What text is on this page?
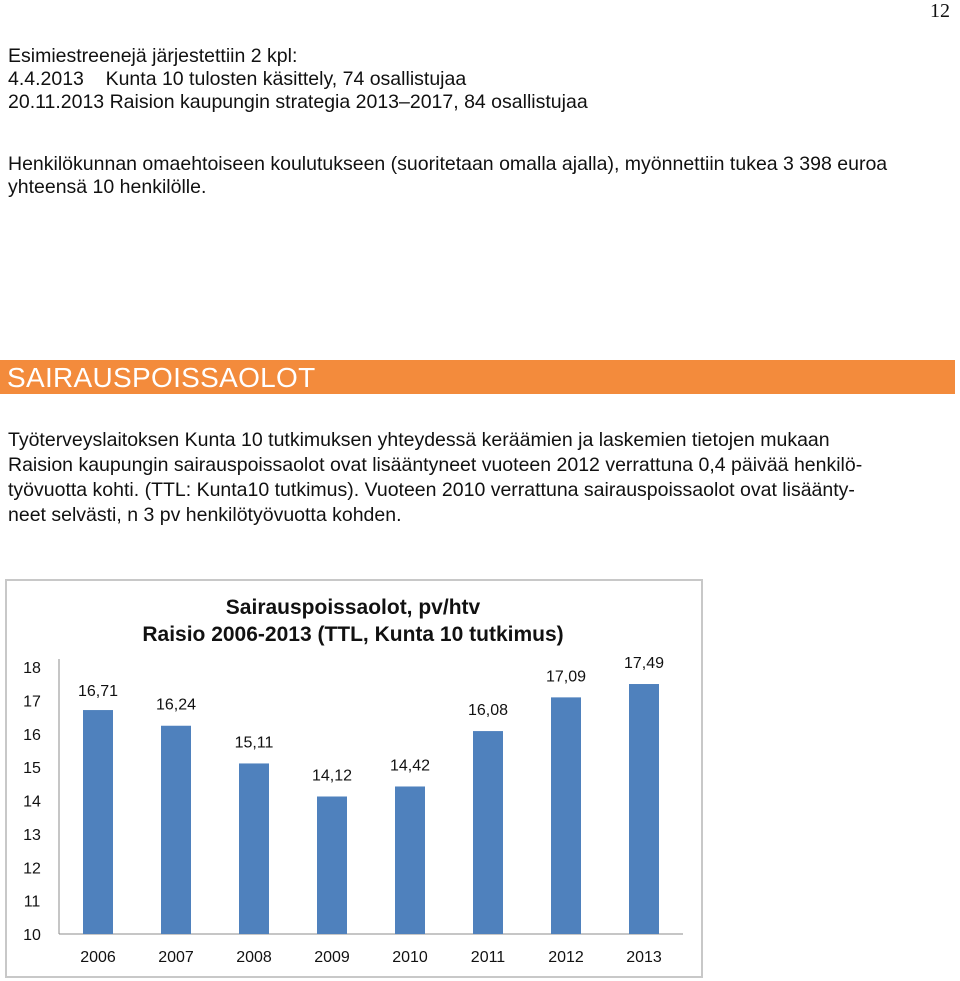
12
Esimiestreenejä järjestettiin 2 kpl:
4.4.2013    Kunta 10 tulosten käsittely, 74 osallistujaa
20.11.2013 Raision kaupungin strategia 2013–2017, 84 osallistujaa
Henkilökunnan omaehtoiseen koulutukseen (suoritetaan omalla ajalla), myönnettiin tukea 3 398 euroa yhteensä 10 henkilölle.
SAIRAUSPOISSAOLOT
Työterveyslaitoksen Kunta 10 tutkimuksen yhteydessä keräämien ja laskemien tietojen mukaan
Raision kaupungin sairauspoissaolot ovat lisääntyneet vuoteen 2012 verrattuna 0,4 päivää henkilö-
työvuotta kohti. (TTL: Kunta10 tutkimus). Vuoteen 2010 verrattuna sairauspoissaolot ovat lisäänty-
neet selvästi, n 3 pv henkilötyövuotta kohden.
Sairauspoissaolot, pv/htv
Raisio 2006-2013 (TTL, Kunta 10 tutkimus)
10
11
12
13
14
15
16
17
18
16,71
2006
16,24
2007
15,11
2008
14,12
2009
14,42
2010
16,08
2011
17,09
2012
17,49
2013
